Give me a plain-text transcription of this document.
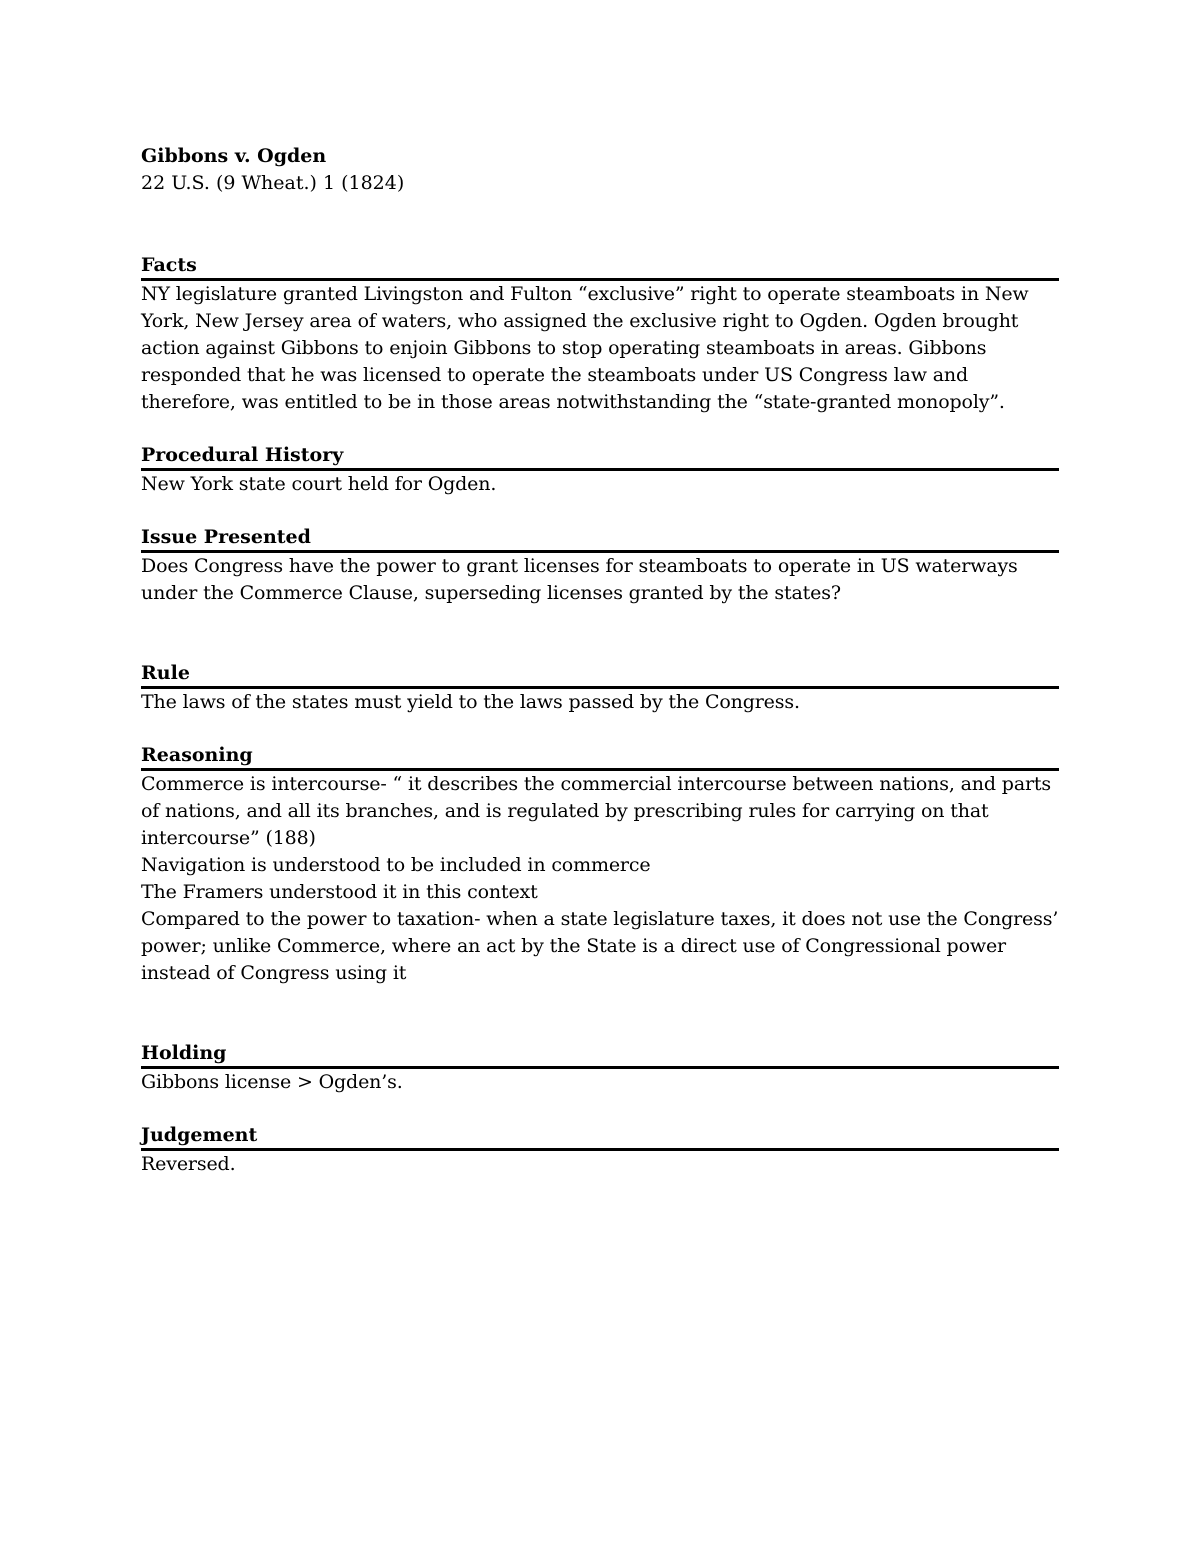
Gibbons v. Ogden

22 U.S. (9 Wheat.) 1 (1824)

Facts

NY legislature granted Livingston and Fulton “exclusive” right to operate steamboats in New York, New Jersey area of waters, who assigned the exclusive right to Ogden. Ogden brought action against Gibbons to enjoin Gibbons to stop operating steamboats in areas. Gibbons responded that he was licensed to operate the steamboats under US Congress law and therefore, was entitled to be in those areas notwithstanding the “state-granted monopoly”.

Procedural History

New York state court held for Ogden.

Issue Presented

Does Congress have the power to grant licenses for steamboats to operate in US waterways under the Commerce Clause, superseding licenses granted by the states?

Rule

The laws of the states must yield to the laws passed by the Congress.

Reasoning

Commerce is intercourse- “ it describes the commercial intercourse between nations, and parts of nations, and all its branches, and is regulated by prescribing rules for carrying on that intercourse” (188)

Navigation is understood to be included in commerce

The Framers understood it in this context

Compared to the power to taxation- when a state legislature taxes, it does not use the Congress’ power; unlike Commerce, where an act by the State is a direct use of Congressional power instead of Congress using it

Holding

Gibbons license > Ogden’s.

Judgement

Reversed.
